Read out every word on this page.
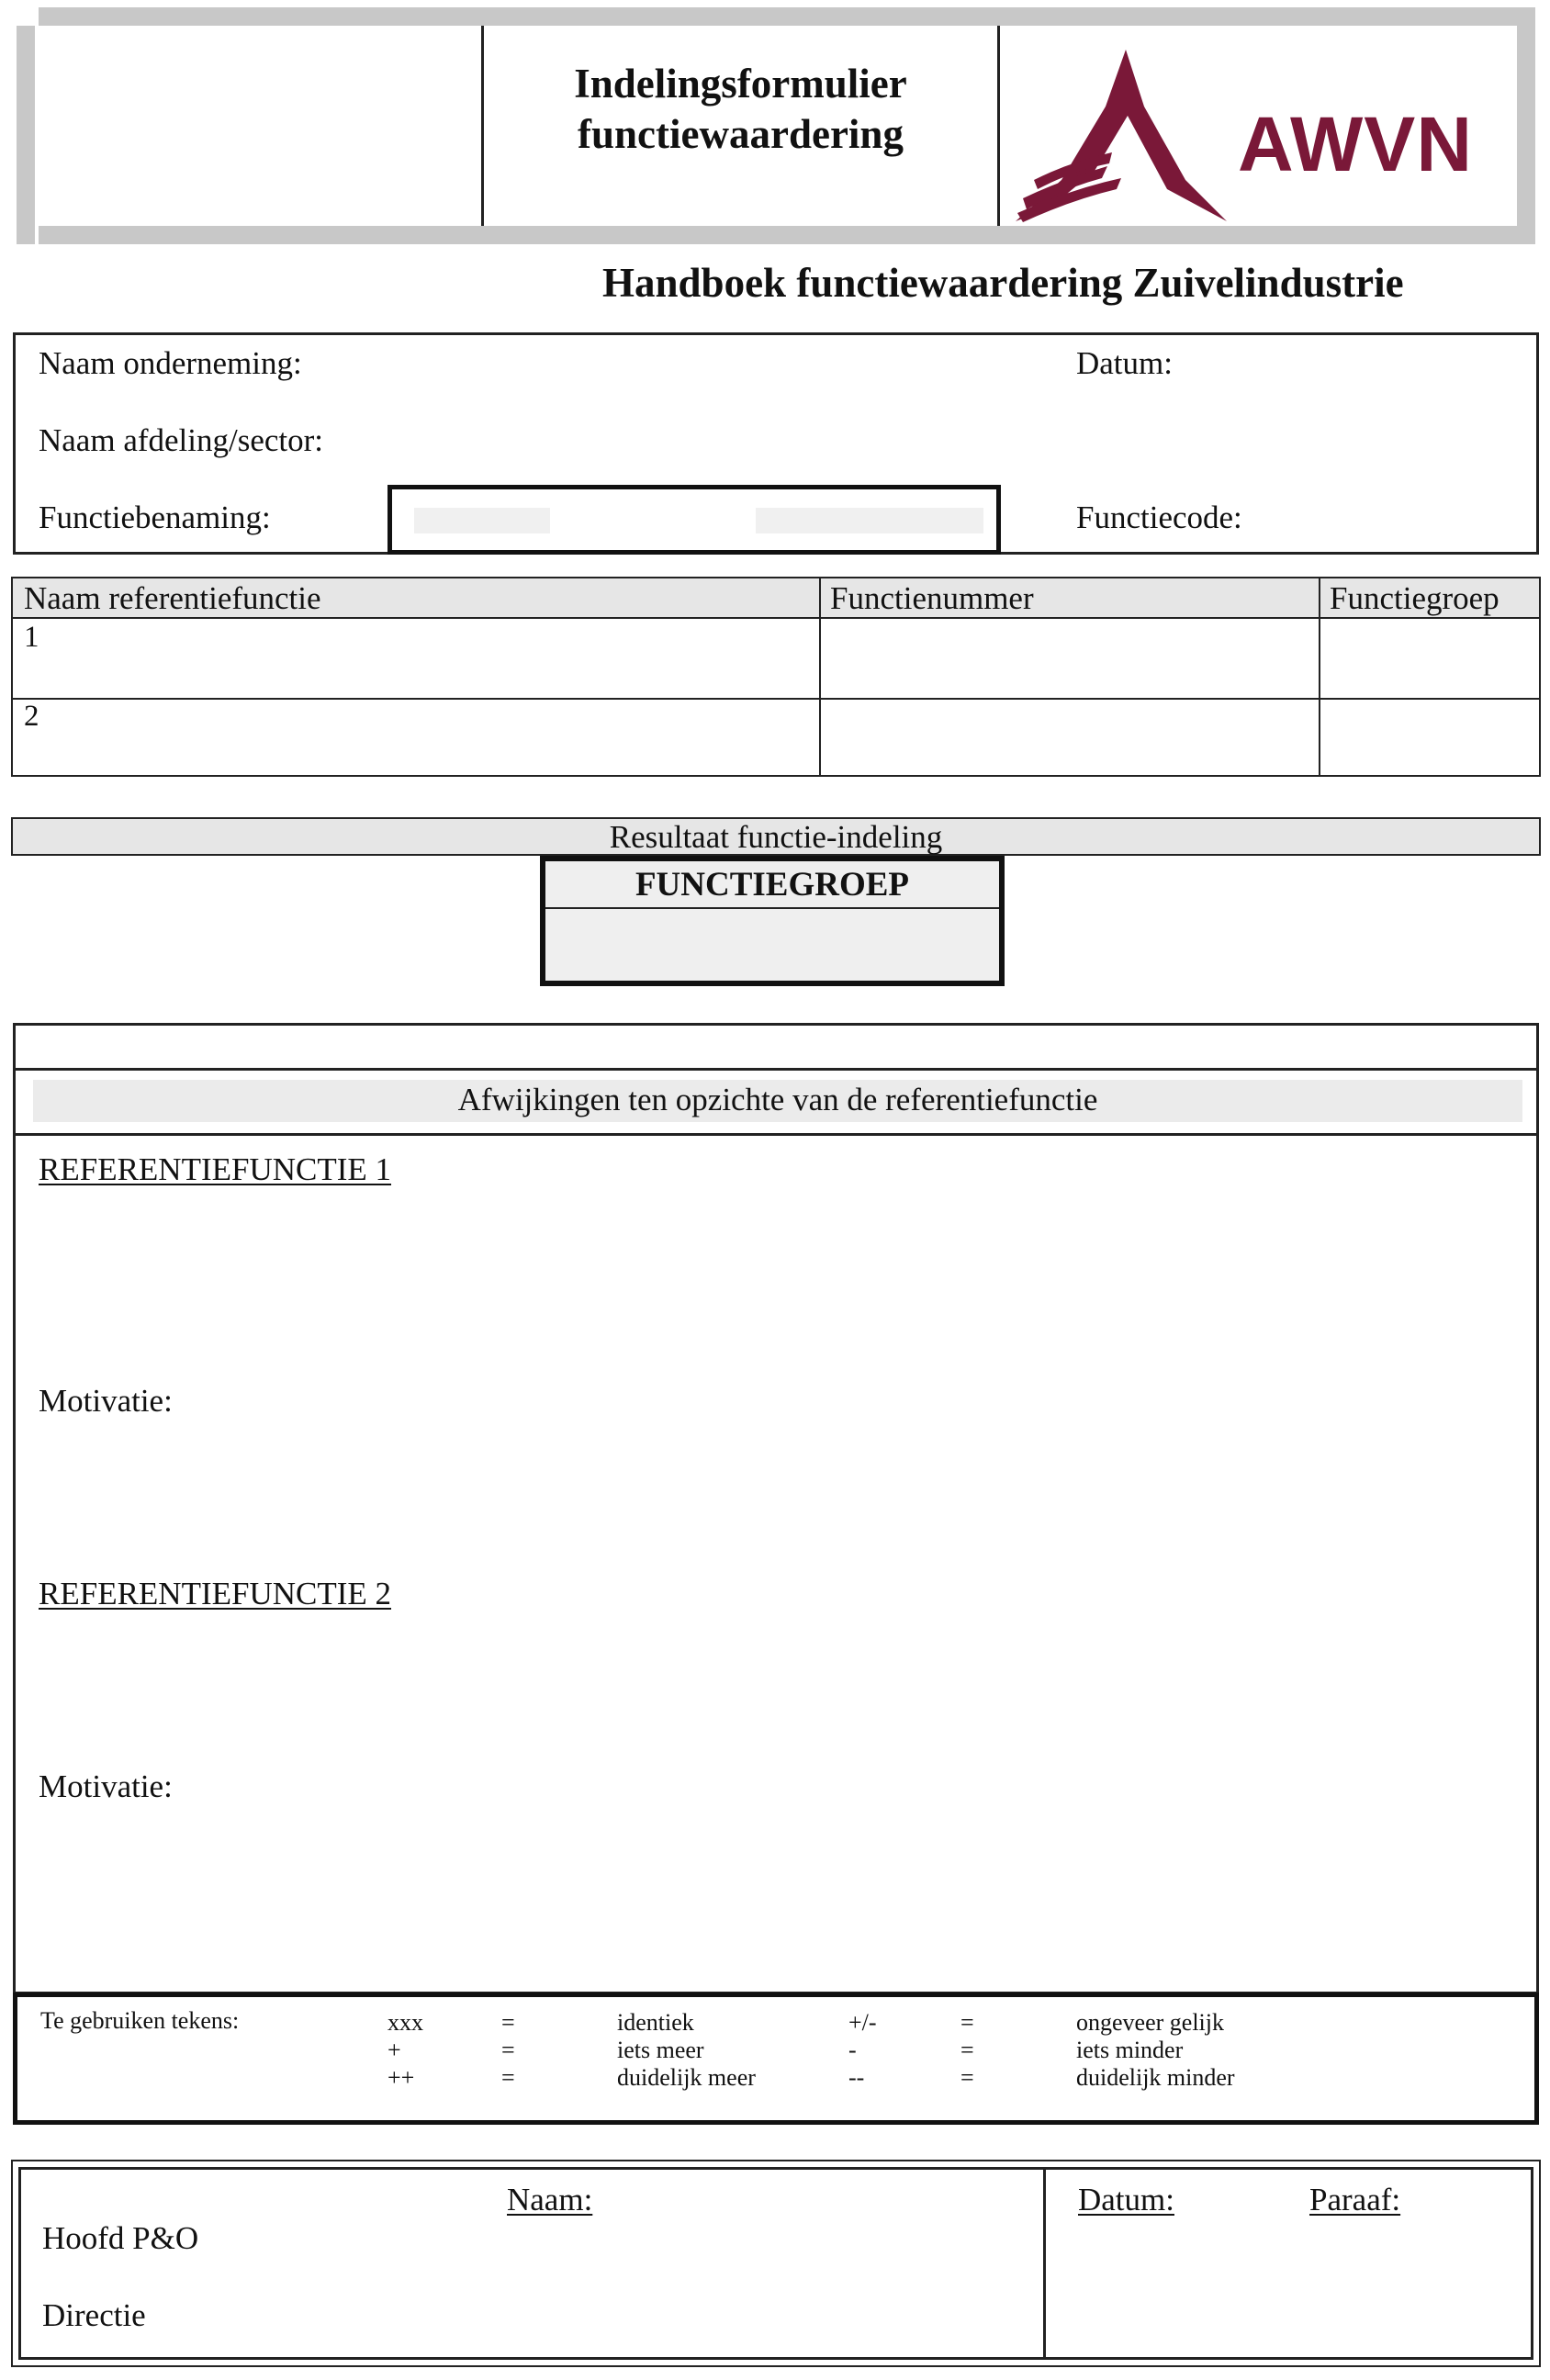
Indelingsformulier
functiewaardering	AWVN
Handboek functiewaardering Zuivelindustrie
Naam onderneming:	Datum:
Naam afdeling/sector:
Functiebenaming:	Functiecode:
Naam referentiefunctie	Functienummer	Functiegroep
1
2
Resultaat functie-indeling
FUNCTIEGROEP
Afwijkingen ten opzichte van de referentiefunctie
REFERENTIEFUNCTIE 1
Motivatie:
REFERENTIEFUNCTIE 2
Motivatie:
Te gebruiken tekens:	xxx	=	identiek	+/-	=	ongeveer gelijk
+	=	iets meer	-	=	iets minder
++	=	duidelijk meer	--	=	duidelijk minder
Naam:	Datum:	Paraaf:
Hoofd P&O
Directie
